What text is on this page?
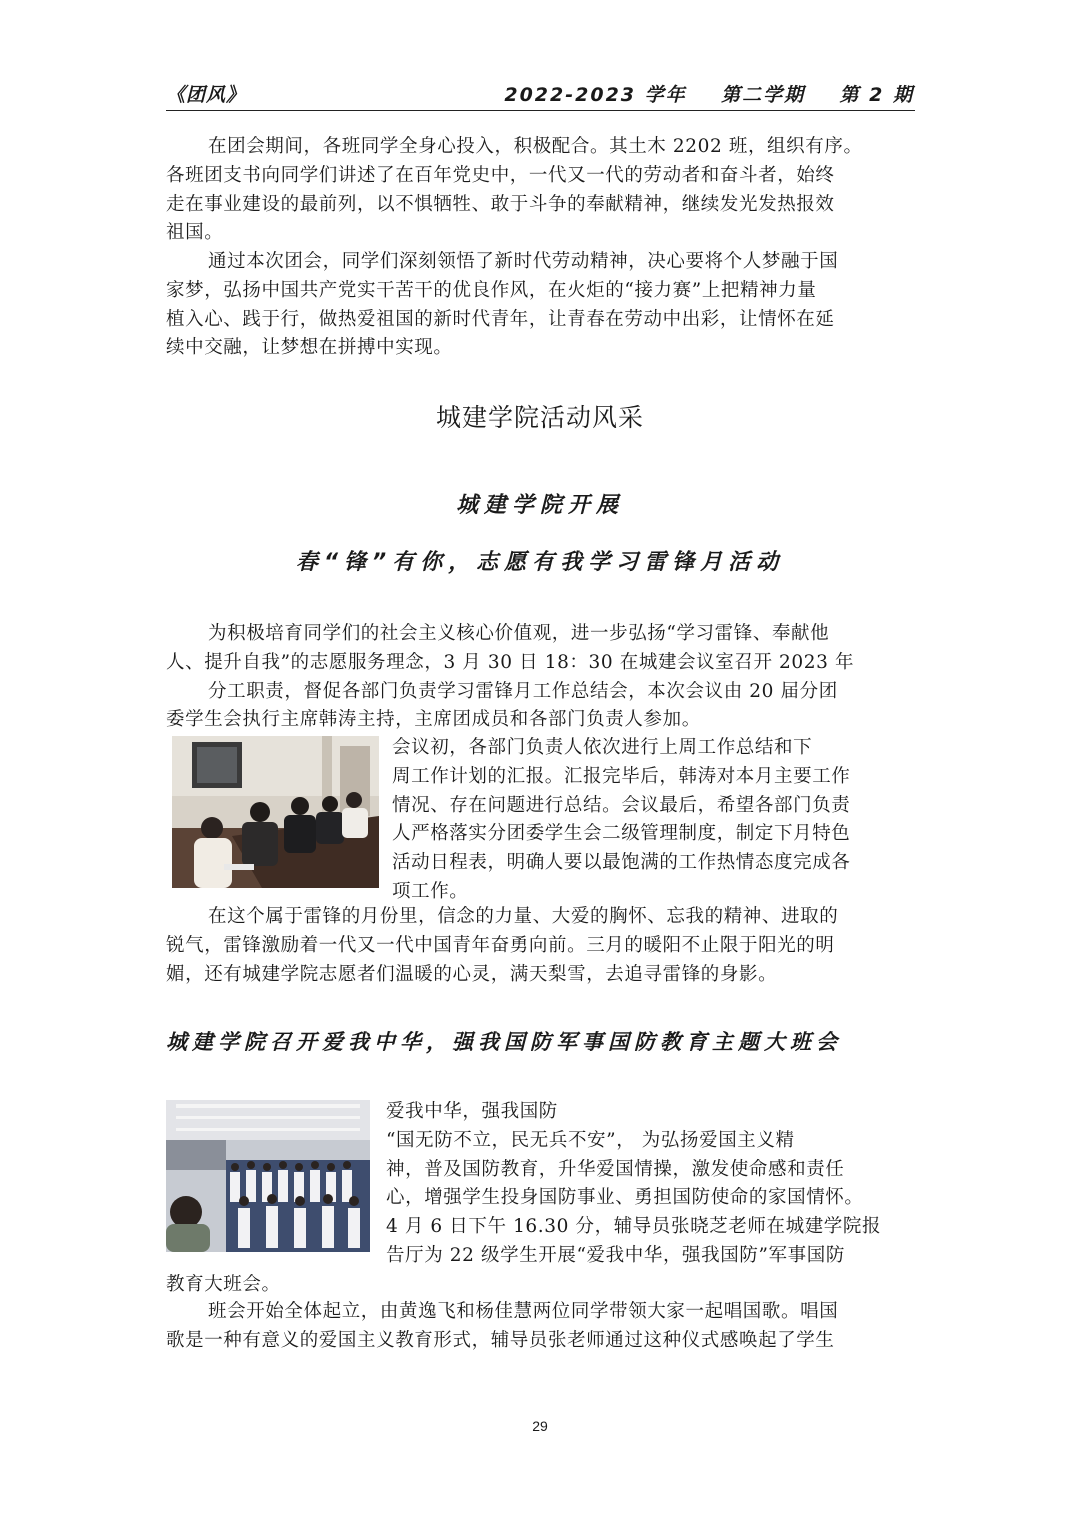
《团风》	2022-2023 学年    第二学期    第 2 期
在团会期间，各班同学全身心投入，积极配合。其土木 2202 班，组织有序。
各班团支书向同学们讲述了在百年党史中，一代又一代的劳动者和奋斗者，始终
走在事业建设的最前列，以不惧牺牲、敢于斗争的奉献精神，继续发光发热报效
祖国。
通过本次团会，同学们深刻领悟了新时代劳动精神，决心要将个人梦融于国
家梦，弘扬中国共产党实干苦干的优良作风，在火炬的“接力赛”上把精神力量
植入心、践于行，做热爱祖国的新时代青年，让青春在劳动中出彩，让情怀在延
续中交融，让梦想在拼搏中实现。
城建学院活动风采
城建学院开展
春“锋”有你，志愿有我学习雷锋月活动
为积极培育同学们的社会主义核心价值观，进一步弘扬“学习雷锋、奉献他
人、提升自我”的志愿服务理念，3 月 30 日 18：30 在城建会议室召开 2023 年
分工职责，督促各部门负责学习雷锋月工作总结会，本次会议由 20 届分团
委学生会执行主席韩涛主持，主席团成员和各部门负责人参加。
会议初，各部门负责人依次进行上周工作总结和下
周工作计划的汇报。汇报完毕后，韩涛对本月主要工作
情况、存在问题进行总结。会议最后，希望各部门负责
人严格落实分团委学生会二级管理制度，制定下月特色
活动日程表，明确人要以最饱满的工作热情态度完成各
项工作。
在这个属于雷锋的月份里，信念的力量、大爱的胸怀、忘我的精神、进取的
锐气，雷锋激励着一代又一代中国青年奋勇向前。三月的暖阳不止限于阳光的明
媚，还有城建学院志愿者们温暖的心灵，满天梨雪，去追寻雷锋的身影。
城建学院召开爱我中华，强我国防军事国防教育主题大班会
爱我中华，强我国防
“国无防不立，民无兵不安”， 为弘扬爱国主义精
神，普及国防教育，升华爱国情操，激发使命感和责任
心，增强学生投身国防事业、勇担国防使命的家国情怀。
4 月 6 日下午 16.30 分，辅导员张晓芝老师在城建学院报
告厅为 22 级学生开展“爱我中华，强我国防”军事国防
教育大班会。
班会开始全体起立，由黄逸飞和杨佳慧两位同学带领大家一起唱国歌。唱国
歌是一种有意义的爱国主义教育形式，辅导员张老师通过这种仪式感唤起了学生
29
